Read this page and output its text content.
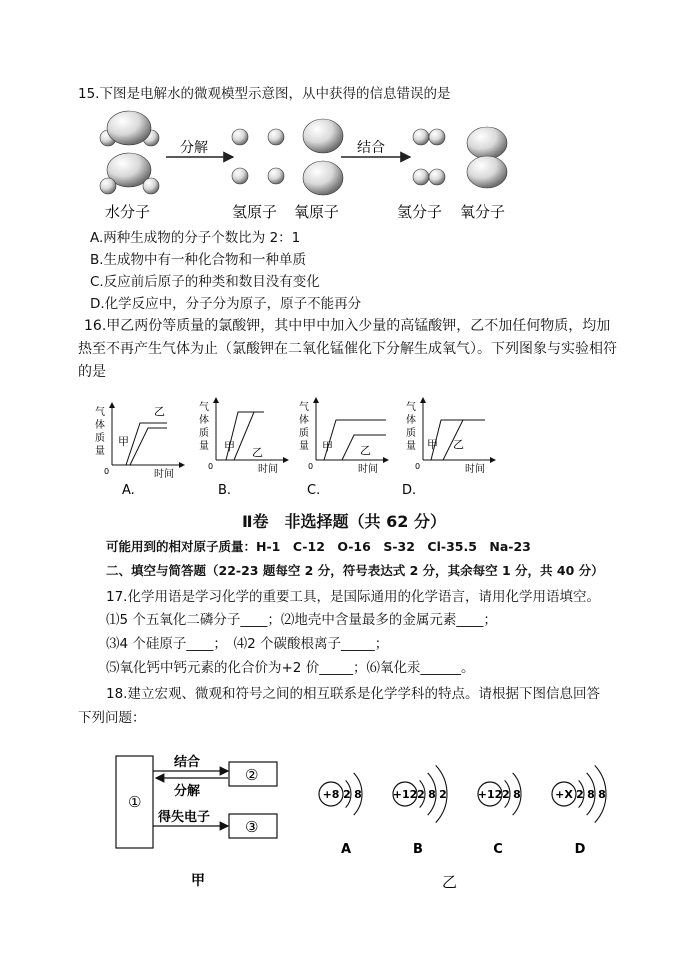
15.下图是电解水的微观模型示意图，从中获得的信息错误的是
分解	结合
水分子	氢原子 氧原子	氢分子 氧分子
A.两种生成物的分子个数比为 2：1
B.生成物中有一种化合物和一种单质
C.反应前后原子的种类和数目没有变化
D.化学反应中，分子分为原子，原子不能再分
16.甲乙两份等质量的氯酸钾，其中甲中加入少量的高锰酸钾，乙不加任何物质，均加
热至不再产生气体为止（氯酸钾在二氧化锰催化下分解生成氧气）。下列图象与实验相符
的是
气
体
质
量
时间
0
甲
乙
A.
气
体
质
量
时间
0
甲 乙
B.
气
体
质
量
时间
0
甲 乙
C.
气
体
质
量
时间
0
甲 乙
D.
Ⅱ卷　非选择题（共 62 分）
可能用到的相对原子质量：H-1　C-12　O-16　S-32　Cl-35.5　Na-23
二、填空与简答题（22-23 题每空 2 分，符号表达式 2 分，其余每空 1 分，共 40 分）
17.化学用语是学习化学的重要工具，是国际通用的化学语言，请用化学用语填空。
⑴5 个五氧化二磷分子____；⑵地壳中含量最多的金属元素____；
⑶4 个硅原子____；　⑷2 个碳酸根离子_____；
⑸氧化钙中钙元素的化合价为+2 价_____；⑹氧化汞______。
18.建立宏观、微观和符号之间的相互联系是化学学科的特点。请根据下图信息回答
下列问题：
①
②
③
结合
分解
得失电子
甲	乙
+8 2 8
A
+12 2 8 2
B
+12 2 8
C
+X 2 8 8
D
